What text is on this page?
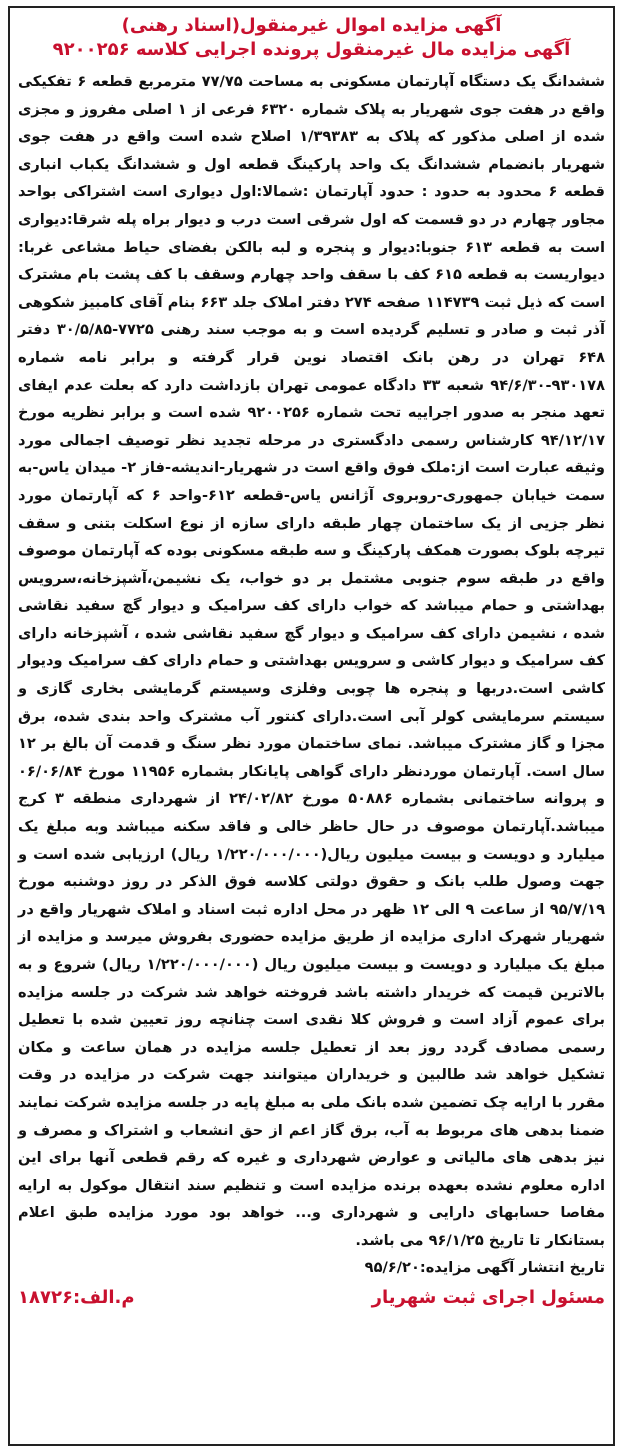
آگهی مزایده اموال غیرمنقول(اسناد رهنی)
آگهی مزایده مال غیرمنقول پرونده اجرایی کلاسه ۹۲۰۰۲۵۶

ششدانگ یک دستگاه آپارتمان مسکونی به مساحت ۷۷/۷۵ مترمربع قطعه ۶ تفکیکی واقع در هفت جوی شهریار به پلاک شماره ۶۳۲۰ فرعی از ۱ اصلی مفروز و مجزی شده از اصلی مذکور که پلاک به ۱/۳۹۳۸۳ اصلاح شده است واقع در هفت جوی شهریار بانضمام ششدانگ یک واحد پارکینگ قطعه اول و ششدانگ یکباب انباری قطعه ۶ محدود به حدود : حدود آپارتمان :شمالا:اول دیواری است اشتراکی بواحد مجاور چهارم در دو قسمت که اول شرقی است درب و دیوار براه پله شرقا:دیواری است به قطعه ۶۱۳ جنوبا:دیوار و پنجره و لبه بالکن بفضای حیاط مشاعی غربا: دیواریست به قطعه ۶۱۵ کف با سقف واحد چهارم وسقف با کف پشت بام مشترک است که ذیل ثبت ۱۱۴۷۳۹ صفحه ۲۷۴ دفتر املاک جلد ۶۶۳ بنام آقای کامبیز شکوهی آذر ثبت و صادر و تسلیم گردیده است و به موجب سند رهنی ۷۷۲۵-۳۰/۵/۸۵ دفتر ۶۴۸ تهران در رهن بانک اقتصاد نوین قرار گرفته و برابر نامه شماره ۹۳۰۱۷۸-۹۴/۶/۳۰ شعبه ۳۳ دادگاه عمومی تهران بازداشت دارد که بعلت عدم ایفای تعهد منجر به صدور اجراییه تحت شماره ۹۲۰۰۲۵۶ شده است و برابر نظریه مورخ ۹۴/۱۲/۱۷ کارشناس رسمی دادگستری در مرحله تجدید نظر توصیف اجمالی مورد وثیقه عبارت است از:ملک فوق واقع است در شهریار-اندیشه-فاز ۲- میدان یاس-به سمت خیابان جمهوری-روبروی آژانس یاس-قطعه ۶۱۲-واحد ۶ که آپارتمان مورد نظر جزیی از یک ساختمان چهار طبقه دارای سازه از نوع اسکلت بتنی و سقف تیرچه بلوک بصورت همکف پارکینگ و سه طبقه مسکونی بوده که آپارتمان موصوف واقع در طبقه سوم جنوبی مشتمل بر دو خواب، یک نشیمن،آشپزخانه،سرویس بهداشتی و حمام میباشد که خواب دارای کف سرامیک و دیوار گچ سفید نقاشی شده ، نشیمن دارای کف سرامیک و دیوار گچ سفید نقاشی شده ، آشپزخانه دارای کف سرامیک و دیوار کاشی و سرویس بهداشتی و حمام دارای کف سرامیک ودیوار کاشی است.دربها و پنجره ها چوبی وفلزی وسیستم گرمایشی بخاری گازی و سیستم سرمایشی کولر آبی است.دارای کنتور آب مشترک واحد بندی شده، برق مجزا و گاز مشترک میباشد. نمای ساختمان مورد نظر سنگ و قدمت آن بالغ بر ۱۲ سال است. آپارتمان موردنظر دارای گواهی پایانکار بشماره ۱۱۹۵۶ مورخ ۰۶/۰۶/۸۴ و پروانه ساختمانی بشماره ۵۰۸۸۶ مورخ ۲۴/۰۲/۸۲ از شهرداری منطقه ۳ کرج میباشد.آپارتمان موصوف در حال حاظر خالی و فاقد سکنه میباشد وبه مبلغ یک میلیارد و دویست و بیست میلیون ریال(۱/۲۲۰/۰۰۰/۰۰۰ ریال) ارزیابی شده است و جهت وصول طلب بانک و حقوق دولتی کلاسه فوق الذکر در روز دوشنبه مورخ ۹۵/۷/۱۹ از ساعت ۹ الی ۱۲ ظهر در محل اداره ثبت اسناد و املاک شهریار واقع در شهریار شهرک اداری مزایده از طریق مزایده حضوری بفروش میرسد و مزایده از مبلغ یک میلیارد و دویست و بیست میلیون ریال (۱/۲۲۰/۰۰۰/۰۰۰ ریال) شروع و به بالاترین قیمت که خریدار داشته باشد فروخته خواهد شد شرکت در جلسه مزایده برای عموم آزاد است و فروش کلا نقدی است چنانچه روز تعیین شده با تعطیل رسمی مصادف گردد روز بعد از تعطیل جلسه مزایده در همان ساعت و مکان تشکیل خواهد شد طالبین و خریداران میتوانند جهت شرکت در مزایده در وقت مقرر با ارایه چک تضمین شده بانک ملی به مبلغ پایه در جلسه مزایده شرکت نمایند ضمنا بدهی های مربوط به آب، برق گاز اعم از حق انشعاب و اشتراک و مصرف و نیز بدهی های مالیاتی و عوارض شهرداری و غیره که رقم قطعی آنها برای این اداره معلوم نشده بعهده برنده مزایده است و تنظیم سند انتقال موکول به ارایه مفاصا حسابهای دارایی و شهرداری و... خواهد بود مورد مزایده طبق اعلام بستانکار تا تاریخ ۹۶/۱/۲۵ می باشد.

تاریخ انتشار آگهی مزایده:۹۵/۶/۲۰

مسئول اجرای ثبت شهریار
م.الف:۱۸۷۲۶
